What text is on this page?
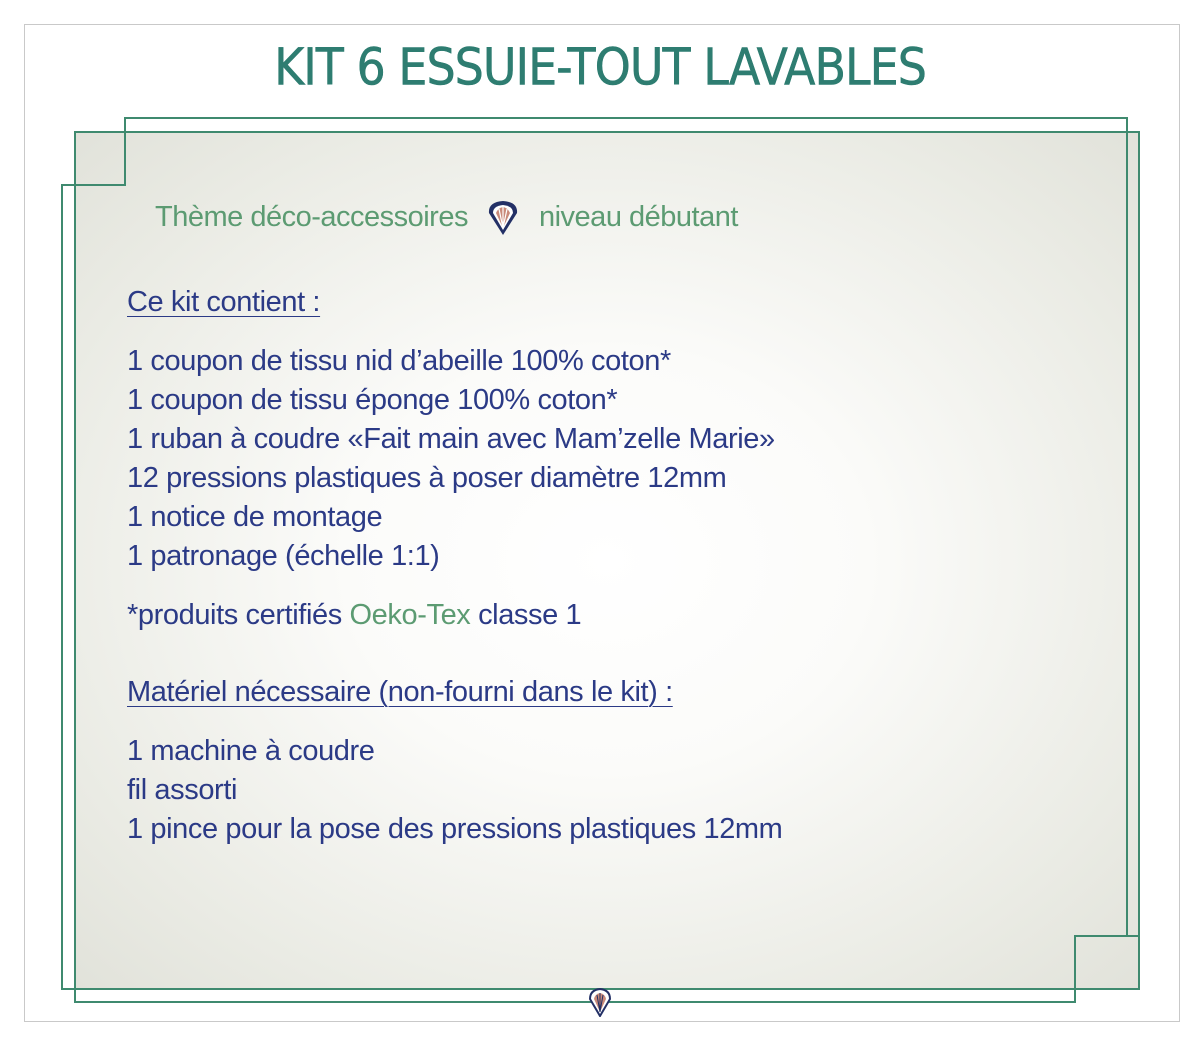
KIT 6 ESSUIE-TOUT LAVABLES
Thème déco-accessoires niveau débutant

Ce kit contient :

1 coupon de tissu nid d’abeille 100% coton*
1 coupon de tissu éponge 100% coton*
1 ruban à coudre «Fait main avec Mam’zelle Marie»
12 pressions plastiques à poser diamètre 12mm
1 notice de montage
1 patronage (échelle 1:1)

*produits certifiés Oeko-Tex classe 1

Matériel nécessaire (non-fourni dans le kit) :

1 machine à coudre
fil assorti
1 pince pour la pose des pressions plastiques 12mm
